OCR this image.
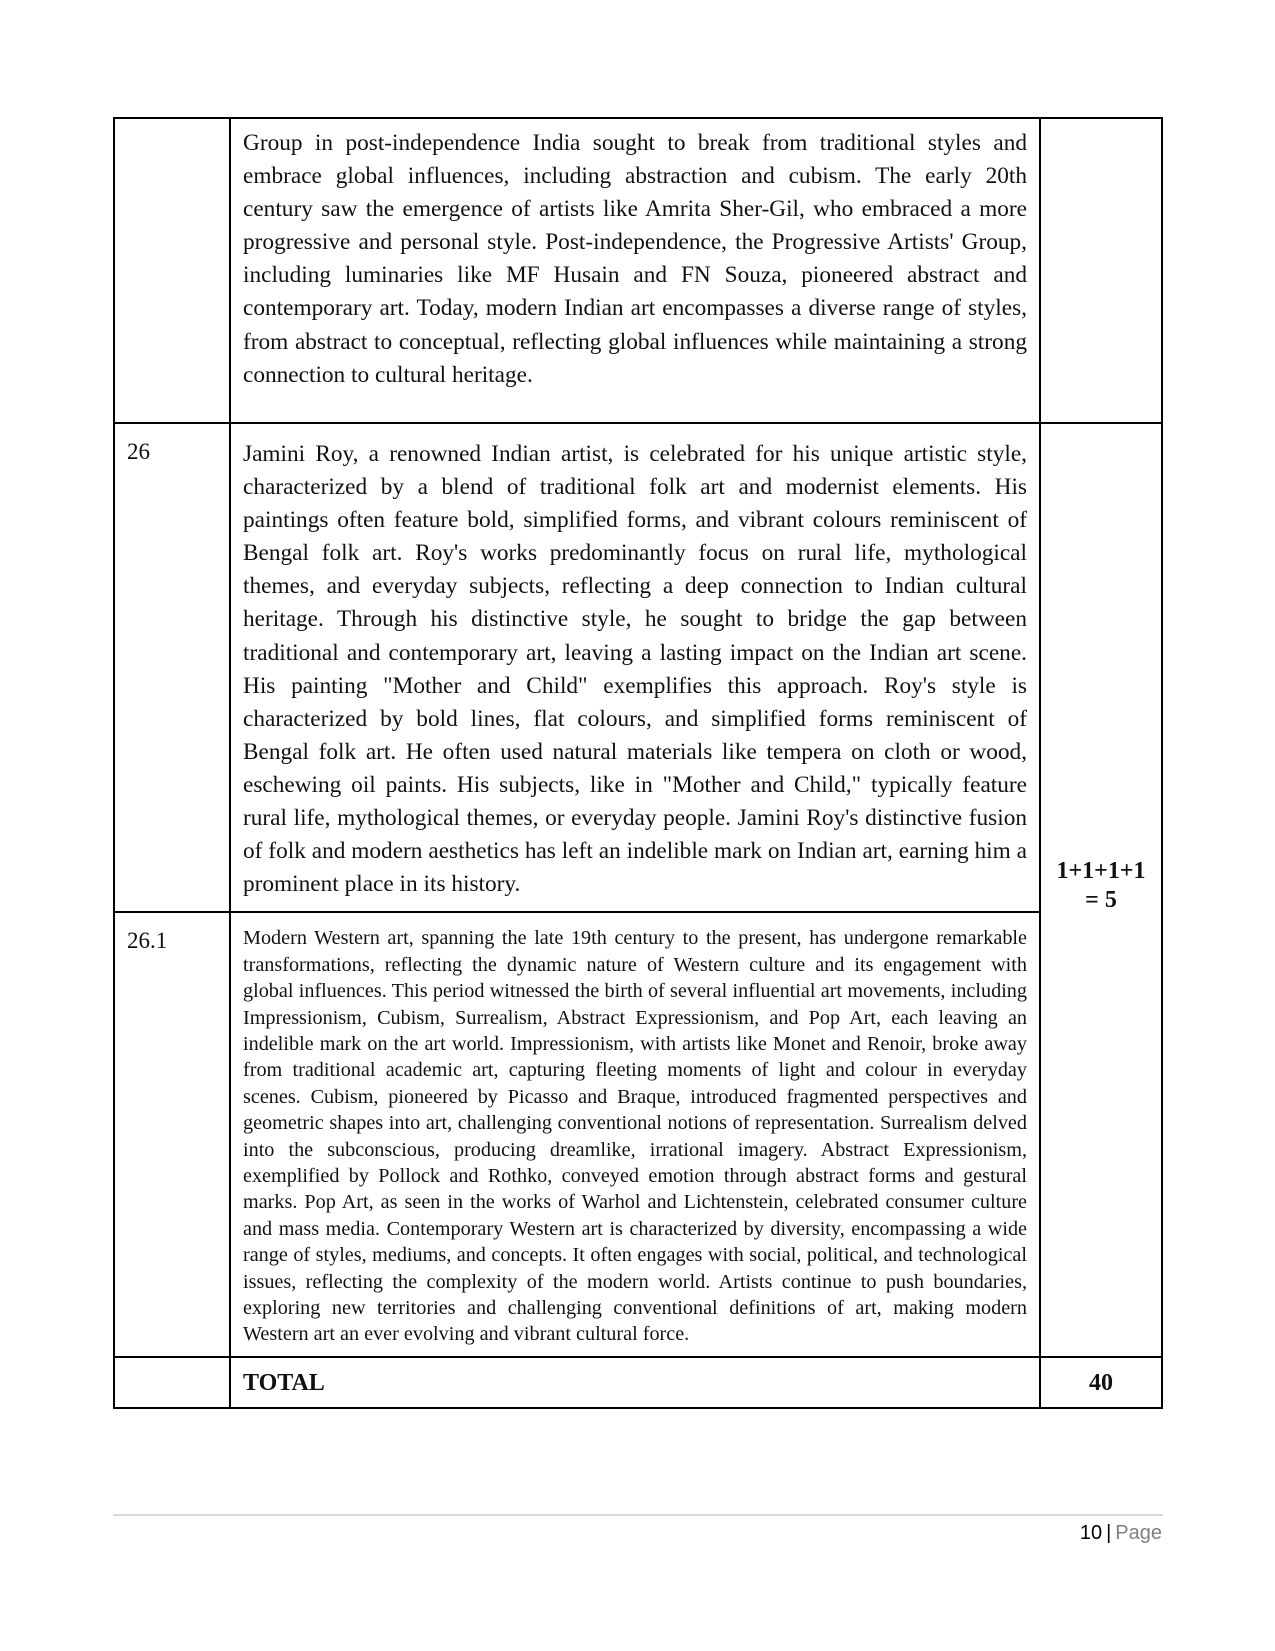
	Group in post-independence India sought to break from traditional styles and embrace global influences, including abstraction and cubism. The early 20th century saw the emergence of artists like Amrita Sher-Gil, who embraced a more progressive and personal style. Post-independence, the Progressive Artists' Group, including luminaries like MF Husain and FN Souza, pioneered abstract and contemporary art. Today, modern Indian art encompasses a diverse range of styles, from abstract to conceptual, reflecting global influences while maintaining a strong connection to cultural heritage.	
26	Jamini Roy, a renowned Indian artist, is celebrated for his unique artistic style, characterized by a blend of traditional folk art and modernist elements. His paintings often feature bold, simplified forms, and vibrant colours reminiscent of Bengal folk art. Roy's works predominantly focus on rural life, mythological themes, and everyday subjects, reflecting a deep connection to Indian cultural heritage. Through his distinctive style, he sought to bridge the gap between traditional and contemporary art, leaving a lasting impact on the Indian art scene. His painting "Mother and Child" exemplifies this approach. Roy's style is characterized by bold lines, flat colours, and simplified forms reminiscent of Bengal folk art. He often used natural materials like tempera on cloth or wood, eschewing oil paints. His subjects, like in "Mother and Child," typically feature rural life, mythological themes, or everyday people. Jamini Roy's distinctive fusion of folk and modern aesthetics has left an indelible mark on Indian art, earning him a prominent place in its history.	1+1+1+1
= 5

26.1	Modern Western art, spanning the late 19th century to the present, has undergone remarkable transformations, reflecting the dynamic nature of Western culture and its engagement with global influences. This period witnessed the birth of several influential art movements, including Impressionism, Cubism, Surrealism, Abstract Expressionism, and Pop Art, each leaving an indelible mark on the art world. Impressionism, with artists like Monet and Renoir, broke away from traditional academic art, capturing fleeting moments of light and colour in everyday scenes. Cubism, pioneered by Picasso and Braque, introduced fragmented perspectives and geometric shapes into art, challenging conventional notions of representation. Surrealism delved into the subconscious, producing dreamlike, irrational imagery. Abstract Expressionism, exemplified by Pollock and Rothko, conveyed emotion through abstract forms and gestural marks. Pop Art, as seen in the works of Warhol and Lichtenstein, celebrated consumer culture and mass media. Contemporary Western art is characterized by diversity, encompassing a wide range of styles, mediums, and concepts. It often engages with social, political, and technological issues, reflecting the complexity of the modern world. Artists continue to push boundaries, exploring new territories and challenging conventional definitions of art, making modern Western art an ever evolving and vibrant cultural force.	
	TOTAL	40
10 | Page
